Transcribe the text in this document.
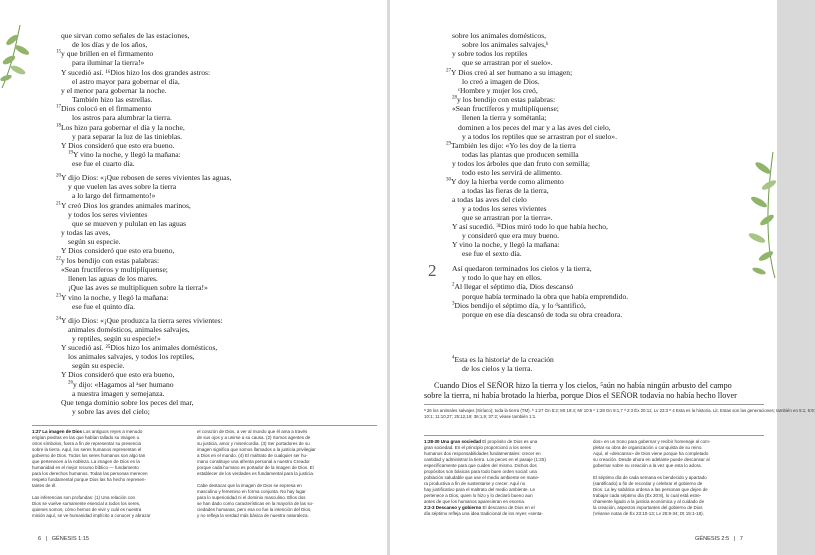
que sirvan como señales de las estaciones,
de los días y de los años,
$^{15}$y que brillen en el firmamento
para iluminar la tierra!»
Y sucedió así. ¹⁶Dios hizo los dos grandes astros:
el astro mayor para gobernar el día,
y el menor para gobernar la noche.
También hizo las estrellas.
$^{17}$Dios colocó en el firmamento
los astros para alumbrar la tierra.
$^{18}$Los hizo para gobernar el día y la noche,
y para separar la luz de las tinieblas.
Y Dios consideró que esto era bueno.
$^{19}$Y vino la noche, y llegó la mañana:
ese fue el cuarto día.
$^{20}$Y dijo Dios: «¡Que rebosen de seres vivientes las aguas,
y que vuelen las aves sobre la tierra
a lo largo del firmamento!»
$^{21}$Y creó Dios los grandes animales marinos,
y todos los seres vivientes
que se mueven y pululan en las aguas
y todas las aves,
según su especie.
Y Dios consideró que esto era bueno,
$^{22}$y los bendijo con estas palabras:
«Sean fructíferos y multiplíquense;
llenen las aguas de los mares.
¡Que las aves se multipliquen sobre la tierra!»
$^{23}$Y vino la noche, y llegó la mañana:
ese fue el quinto día.
$^{24}$Y dijo Dios: «¡Que produzca la tierra seres vivientes:
animales domésticos, animales salvajes,
y reptiles, según su especie!»
Y sucedió así. ²⁵Dios hizo los animales domésticos,
los animales salvajes, y todos los reptiles,
según su especie.
Y Dios consideró que esto era bueno,
$^{26}$y dijo: «Hagamos al ᵃser humano
a nuestra imagen y semejanza.
Que tenga dominio sobre los peces del mar,
y sobre las aves del cielo;

1:27 La imagen de Dios Los antiguos reyes a menudo

erigían piedras en las que habían tallado su imagen u

otros símbolos, fuera a fin de representar su presencia

sobre la tierra. Aquí, los seres humanos representan el

gobierno de Dios. Todos los seres humanos son algo tan

que pertenecen a la nobleza. La imagen de Dios en la

humanidad es el mejor recurso bíblico — fundamento

para los derechos humanos. Todas las personas merecen

respeto fundamental porque Dios las ha hecho represen-

tantes de él.

Las inferencias son profundas: (1) Una relación con

Dios se vuelve sumamente esencial a todos los seres,

quienes somos, cómo hemos de vivir y cuál es nuestra

misión aquí, se ve humanidad implícito a conocer y abrazar

el corazón de Dios, a ver al mundo que él ama a través

de sus ojos y a unirse a su causa. (2) Somos agentes de

su justicia, amor y misericordia. (3) Ser portadores de su

imagen significa que somos llamados a la justicia privilegiar

a Dios en el mundo. (4) El maltrato de cualquier ser hu-

mano constituye una afrenta personal a nuestro Creador

porque cada humano es portador de la imagen de Dios. El

establecer de los verdades es fundamental para la justicia.

Cabe destacar que la imagen de Dios se expresa en

masculino y femenino en forma conjunta. No hay lugar

para lo superioridad ni el dominio masculino. Ellos dos

se han dado como características en la mayoría de las so-

ciedades humanas, pero esa no fue la intención del Dios,

y no refleja la verdad más básica de nuestra naturaleza.

6 | GÉNESIS 1:15
2
sobre los animales domésticos,
sobre los animales salvajes,ᵇ
y sobre todos los reptiles
que se arrastran por el suelo».
$^{27}$Y Dios creó al ser humano a su imagen;
lo creó a imagen de Dios.
ᶜHombre y mujer los creó,
$^{28}$y los bendijo con estas palabras:
«Sean fructíferos y multiplíquense;
llenen la tierra y sométanla;
dominen a los peces del mar y a las aves del cielo,
y a todos los reptiles que se arrastran por el suelo».
$^{29}$También les dijo: «Yo les doy de la tierra
todas las plantas que producen semilla
y todos los árboles que dan fruto con semilla;
todo esto les servirá de alimento.
$^{30}$Y doy la hierba verde como alimento
a todas las fieras de la tierra,
a todas las aves del cielo
y a todos los seres vivientes
que se arrastran por la tierra».
Y así sucedió. ³¹Dios miró todo lo que había hecho,
y consideró que era muy bueno.
Y vino la noche, y llegó la mañana:
ese fue el sexto día.
Así quedaron terminados los cielos y la tierra,
y todo lo que hay en ellos.
$^2$Al llegar el séptimo día, Dios descansó
porque había terminado la obra que había emprendido.
$^3$Dios bendijo el séptimo día, y lo ᵈsantificó,
porque en ese día descansó de toda su obra creadora.
$^4$Esta es la historiaᵉ de la creación
de los cielos y la tierra.
Cuando Dios el SEÑOR hizo la tierra y los cielos, ⁵aún no había ningún arbusto del campo
sobre la tierra, ni había brotado la hierba, porque Dios el SEÑOR todavía no había hecho llover
ᵃ 26 los animales salvajes (Siríaco); toda la tierra (TM). ᵇ 1:27 Gn 5:2; Mt 19:4; Mr 10:6 ᶜ 1:28 Gn 9:1,7 ᵈ 2:3 Éx 20:11; Lv 23:3 ᵉ 4 Esta es la historia. Lit. Estas son las generaciones; también en 5:1; 6:9;
10:1; 11:10,27; 25:12,19; 36:1,9; 37:2; véase también 1:1.

1:28-30 Una gran sociedad El propósito de Dios es una

gran sociedad. En el principio proporcionó a los seres

humanos dos responsabilidades fundamentales: crecer en

cantidad y administrar la tierra. Los peces en el pasaje (1:25)

específicamente para que cuiden del mismo. Dichos dos

propósitos son básicas para todo buen orden social: una

población saludable que use el medio ambiente en mane-

ra productiva a fin de sustentarse y crecer. Aquí no

hay justificativo para el maltrato del medio ambiente. Le

pertenece a Dios, quien lo hizo y lo declaró bueno aun

antes de que los humanos aparecieran en escena.

2:2-3 Descanso y gobierno El descanso de Dios en el

día séptimo refleja una idea tradicional de los reyes «senta-

dos» en un trono para gobernar y recibir homenaje al com-

pletar su obra de organización o conquista de su reino.

Aquí, el «descanso» de Dios viene porque ha completado

su creación. Desde ahora en adelante puede descansar al

gobernar sobre su creación a la vez que esta lo adora.

El séptimo día de cada semana es bendecido y apartado

(santificado) a fin de recordar y celebrar el gobierno de

Dios. La ley sabática ordena a las personas que dejen de

trabajar cada séptimo día (Éx 20:8), lo cual está estre-

chamente ligado a la justicia económica y al cuidado de

la creación, aspectos importantes del gobierno de Dios

(Véanse notas de Éx 23:10-13; Lv 25:8-34; Dt 15:1-18).

GÉNESIS 2:5 | 7
